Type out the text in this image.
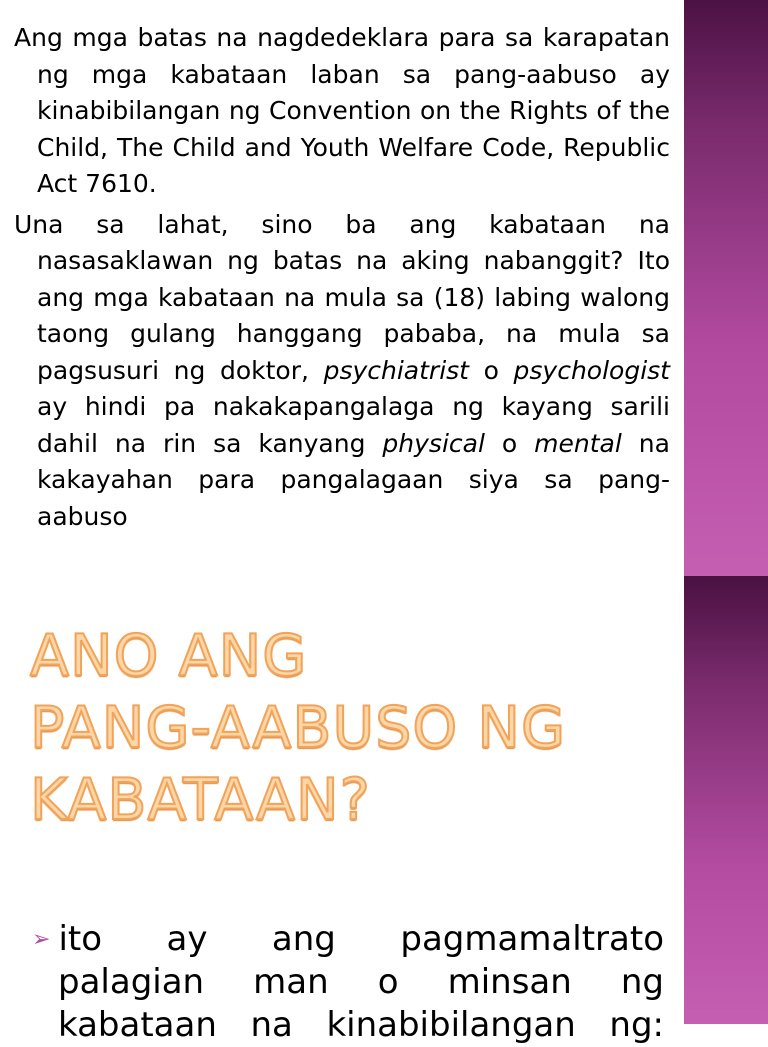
Ang mga batas na nagdedeklara para sa karapatan ng mga kabataan laban sa pang-aabuso ay kinabibilangan ng Convention on the Rights of the Child, The Child and Youth Welfare Code, Republic Act 7610.

Una sa lahat, sino ba ang kabataan na nasasaklawan ng batas na aking nabanggit? Ito ang mga kabataan na mula sa (18) labing walong taong gulang hanggang pababa, na mula sa pagsusuri ng doktor, psychiatrist o psychologist ay hindi pa nakakapangalaga ng kayang sarili dahil na rin sa kanyang physical o mental na kakayahan para pangalagaan siya sa pang-aabuso

ANO ANG
PANG-AABUSO NG
KABATAAN?
➢ ito ay ang pagmamaltrato
palagian man o minsan ng
kabataan na kinabibilangan ng:
